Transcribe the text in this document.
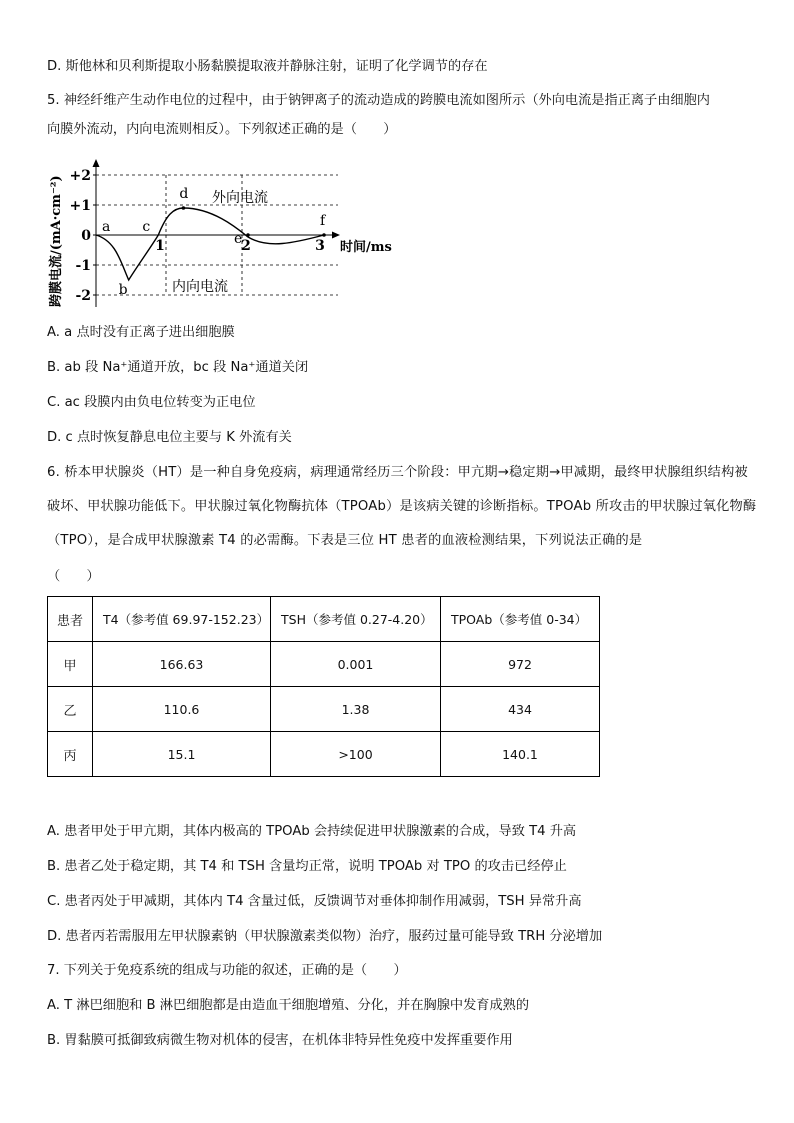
D. 斯他林和贝利斯提取小肠黏膜提取液并静脉注射，证明了化学调节的存在
5. 神经纤维产生动作电位的过程中，由于钠钾离子的流动造成的跨膜电流如图所示（外向电流是指正离子由细胞内
向膜外流动，内向电流则相反）。下列叙述正确的是（　　）
+2
+1
0
-1
-2
1	2	3
a
b
c
d
e
f
跨膜电流/(mA·cm⁻²)	时间/ms
外向电流
内向电流
A. a 点时没有正离子进出细胞膜
B. ab 段 Na⁺通道开放，bc 段 Na⁺通道关闭
C. ac 段膜内由负电位转变为正电位
D. c 点时恢复静息电位主要与 K 外流有关
6. 桥本甲状腺炎（HT）是一种自身免疫病，病理通常经历三个阶段：甲亢期→稳定期→甲减期，最终甲状腺组织结构被破坏、甲状腺功能低下。甲状腺过氧化物酶抗体（TPOAb）是该病关键的诊断指标。TPOAb 所攻击的甲状腺过氧化物酶（TPO），是合成甲状腺激素 T4 的必需酶。下表是三位 HT 患者的血液检测结果，下列说法正确的是
（　　）
患者	T4（参考值 69.97-152.23）	TSH（参考值 0.27-4.20）	TPOAb（参考值 0-34）
甲	166.63	0.001	972
乙	110.6	1.38	434
丙	15.1	>100	140.1
A. 患者甲处于甲亢期，其体内极高的 TPOAb 会持续促进甲状腺激素的合成，导致 T4 升高
B. 患者乙处于稳定期，其 T4 和 TSH 含量均正常，说明 TPOAb 对 TPO 的攻击已经停止
C. 患者丙处于甲减期，其体内 T4 含量过低，反馈调节对垂体抑制作用减弱，TSH 异常升高
D. 患者丙若需服用左甲状腺素钠（甲状腺激素类似物）治疗，服药过量可能导致 TRH 分泌增加
7. 下列关于免疫系统的组成与功能的叙述，正确的是（　　）
A. T 淋巴细胞和 B 淋巴细胞都是由造血干细胞增殖、分化，并在胸腺中发育成熟的
B. 胃黏膜可抵御致病微生物对机体的侵害，在机体非特异性免疫中发挥重要作用
